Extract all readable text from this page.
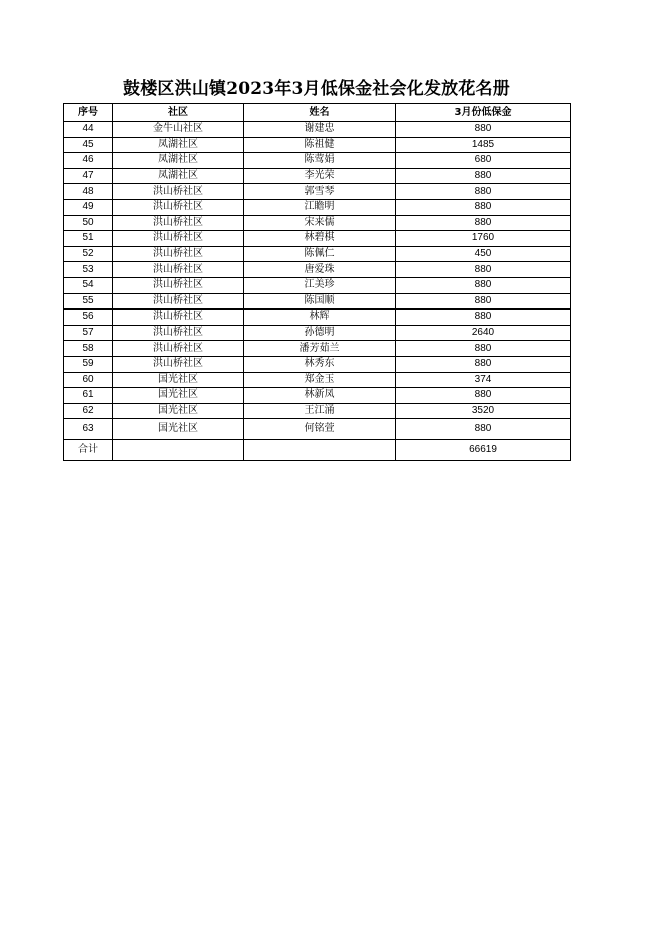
鼓楼区洪山镇2023年3月低保金社会化发放花名册
序号	社区	姓名	3月份低保金
44	金牛山社区	谢建忠	880
45	凤湖社区	陈祖健	1485
46	凤湖社区	陈莺娟	680
47	凤湖社区	李光荣	880
48	洪山桥社区	郭雪琴	880
49	洪山桥社区	江瞻明	880
50	洪山桥社区	宋来儒	880
51	洪山桥社区	林碧棋	1760
52	洪山桥社区	陈佩仁	450
53	洪山桥社区	唐爱珠	880
54	洪山桥社区	江美珍	880
55	洪山桥社区	陈国顺	880
56	洪山桥社区	林辉	880
57	洪山桥社区	孙德明	2640
58	洪山桥社区	潘芳茹兰	880
59	洪山桥社区	林秀东	880
60	国光社区	郑金玉	374
61	国光社区	林新凤	880
62	国光社区	王江涌	3520
63	国光社区	何铭萱	880
合计			66619
